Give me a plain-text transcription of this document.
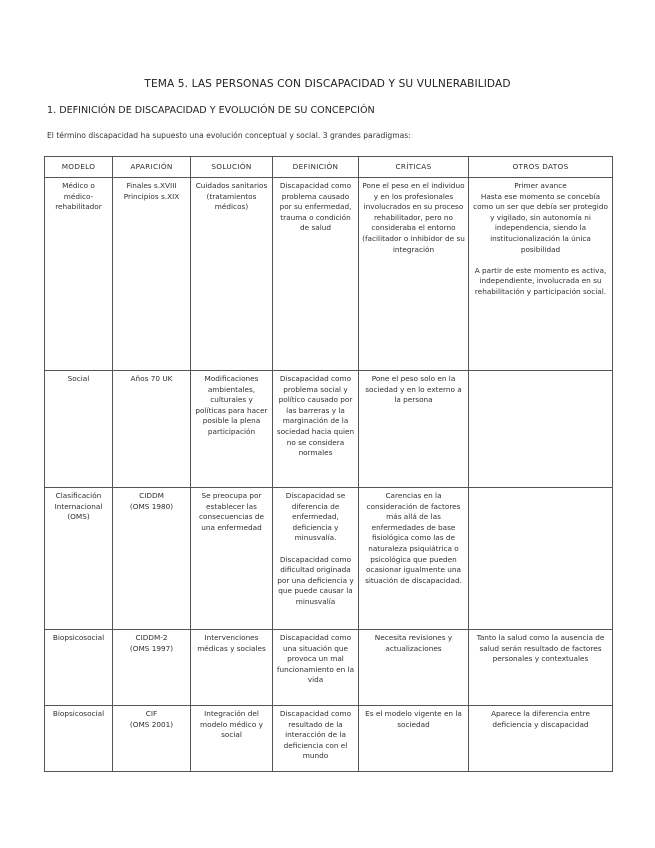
TEMA 5. LAS PERSONAS CON DISCAPACIDAD Y SU VULNERABILIDAD
1. DEFINICIÓN DE DISCAPACIDAD Y EVOLUCIÓN DE SU CONCEPCIÓN
El término discapacidad ha supuesto una evolución conceptual y social. 3 grandes paradigmas:
MODELO	APARICIÓN	SOLUCIÓN	DEFINICIÓN	CRÍTICAS	OTROS DATOS
Médico o médico-rehabilitador	Finales s.XVIII Principios s.XIX	Cuidados sanitarios (tratamientos médicos)	Discapacidad como problema causado por su enfermedad, trauma o condición de salud	Pone el peso en el individuo y en los profesionales involucrados en su proceso rehabilitador, pero no consideraba el entorno (facilitador o inhibidor de su integración	Primer avance
Hasta ese momento se concebía como un ser que debía ser protegido y vigilado, sin autonomía ni independencia, siendo la institucionalización la única posibilidad

A partir de este momento es activa, independiente, involucrada en su rehabilitación y participación social.
Social	Años 70 UK	Modificaciones ambientales, culturales y políticas para hacer posible la plena participación	Discapacidad como problema social y político causado por las barreras y la marginación de la sociedad hacia quien no se considera normales	Pone el peso solo en la sociedad y en lo externo a la persona	
Clasificación Internacional (OMS)	CIDDM
(OMS 1980)	Se preocupa por establecer las consecuencias de una enfermedad	Discapacidad se diferencia de enfermedad, deficiencia y minusvalía.

Discapacidad como dificultad originada por una deficiencia y que puede causar la minusvalía	Carencias en la consideración de factores más allá de las enfermedades de base fisiológica como las de naturaleza psiquiátrica o psicológica que pueden ocasionar igualmente una situación de discapacidad.	
Biopsicosocial	CIDDM-2
(OMS 1997)	Intervenciones médicas y sociales	Discapacidad como una situación que provoca un mal funcionamiento en la vida	Necesita revisiones y actualizaciones	Tanto la salud como la ausencia de salud serán resultado de factores personales y contextuales
Biopsicosocial	CIF
(OMS 2001)	Integración del modelo médico y social	Discapacidad como resultado de la interacción de la deficiencia con el mundo	Es el modelo vigente en la sociedad	Aparece la diferencia entre deficiencia y discapacidad
